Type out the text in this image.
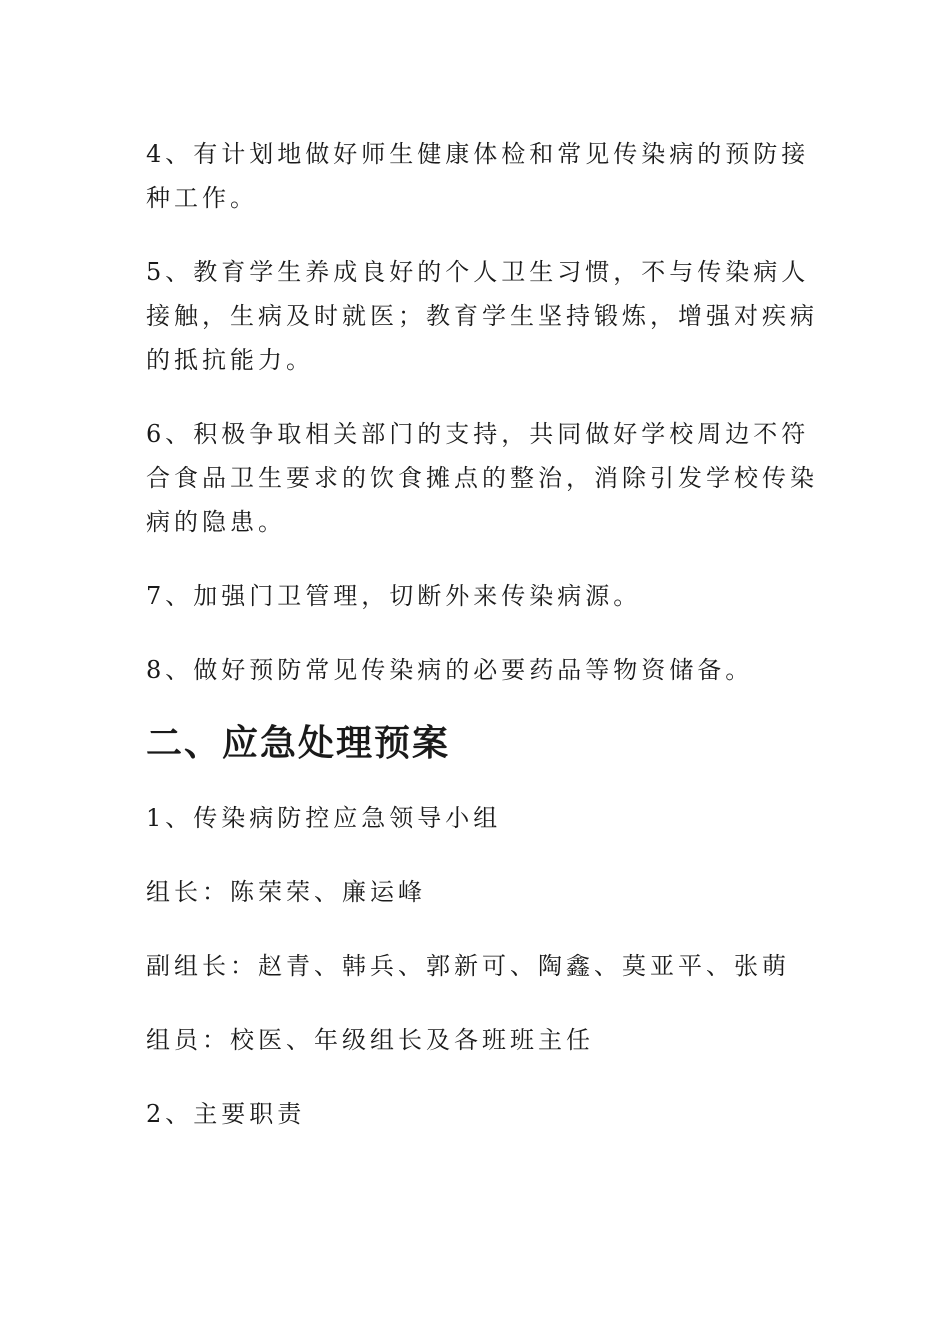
4、有计划地做好师生健康体检和常见传染病的预防接种工作。

5、教育学生养成良好的个人卫生习惯，不与传染病人接触，生病及时就医；教育学生坚持锻炼，增强对疾病的抵抗能力。

6、积极争取相关部门的支持，共同做好学校周边不符合食品卫生要求的饮食摊点的整治，消除引发学校传染病的隐患。

7、加强门卫管理，切断外来传染病源。

8、做好预防常见传染病的必要药品等物资储备。

二、应急处理预案

1、传染病防控应急领导小组

组长：陈荣荣、廉运峰

副组长：赵青、韩兵、郭新可、陶鑫、莫亚平、张萌

组员：校医、年级组长及各班班主任

2、主要职责
